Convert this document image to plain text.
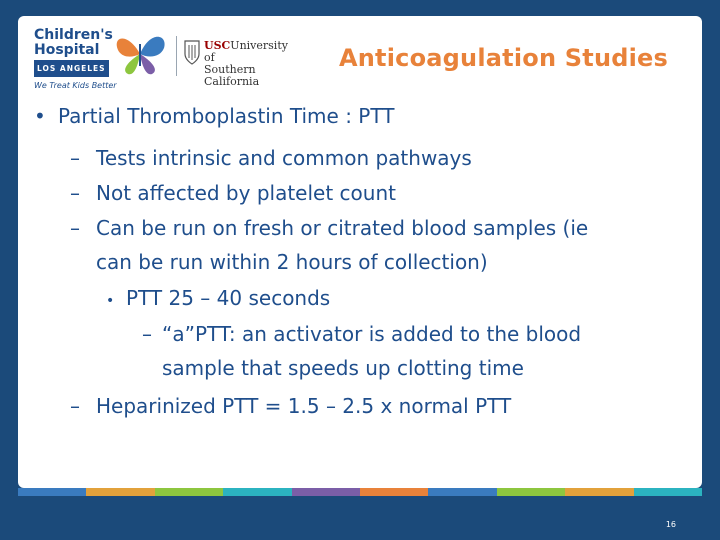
Children's
Hospital
LOS ANGELES
We Treat Kids Better
USCUniversity of
Southern California
Anticoagulation Studies
• Partial Thromboplastin Time : PTT
– Tests intrinsic and common pathways
– Not affected by platelet count
– Can be run on fresh or citrated blood samples (ie
can be run within 2 hours of collection)
• PTT 25 – 40 seconds
– “a”PTT: an activator is added to the blood
sample that speeds up clotting time
– Heparinized PTT = 1.5 – 2.5 x normal PTT
16
